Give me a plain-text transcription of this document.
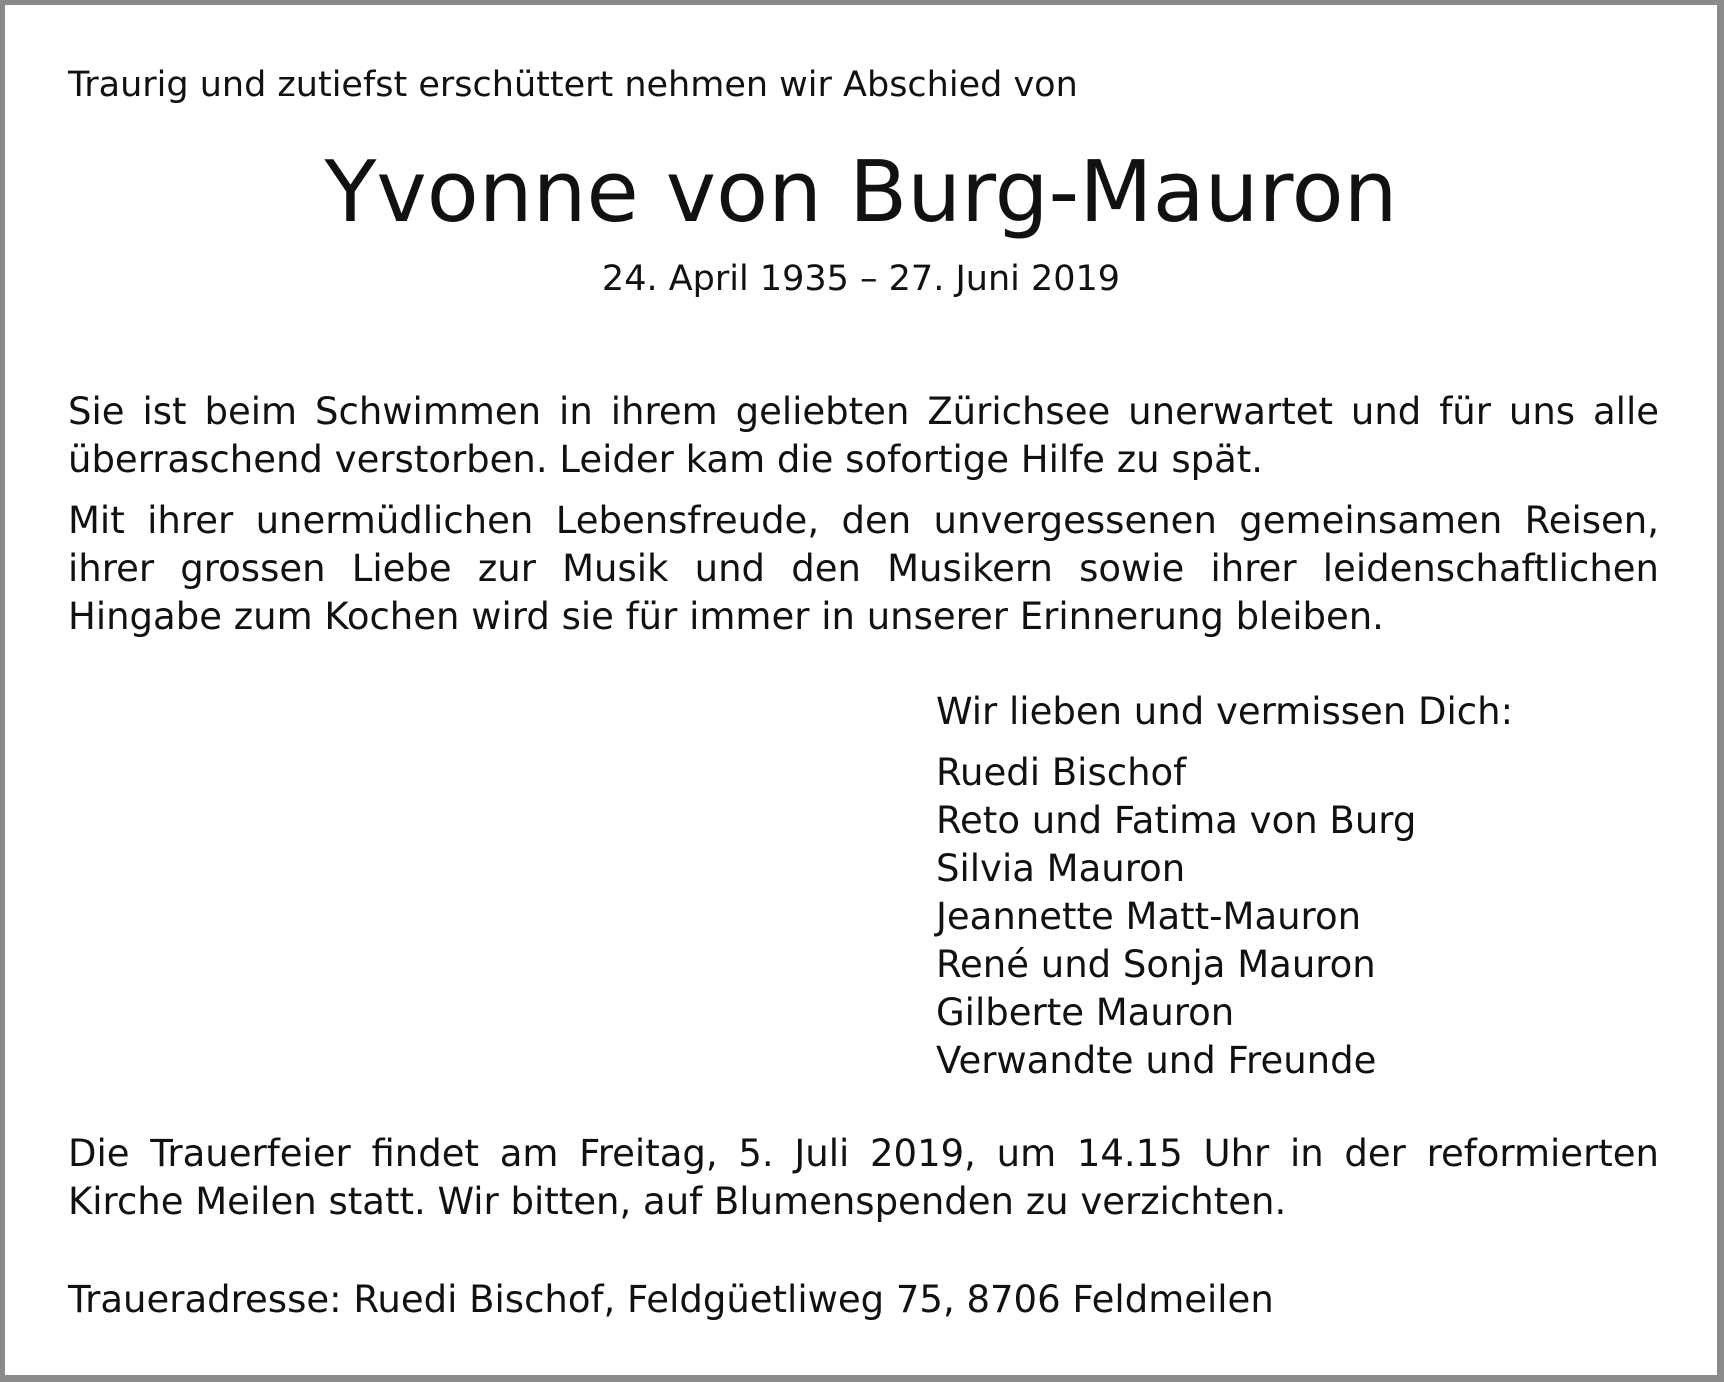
Traurig und zutiefst erschüttert nehmen wir Abschied von
Yvonne von Burg-Mauron
24. April 1935 – 27. Juni 2019

Sie ist beim Schwimmen in ihrem geliebten Zürichsee unerwartet und für uns alle überraschend verstorben. Leider kam die sofortige Hilfe zu spät.

Mit ihrer unermüdlichen Lebensfreude, den unvergessenen gemeinsamen Reisen, ihrer grossen Liebe zur Musik und den Musikern sowie ihrer leidenschaftlichen Hingabe zum Kochen wird sie für immer in unserer Erinnerung bleiben.

Wir lieben und vermissen Dich:
Ruedi Bischof
Reto und Fatima von Burg
Silvia Mauron
Jeannette Matt-Mauron
René und Sonja Mauron
Gilberte Mauron
Verwandte und Freunde

Die Trauerfeier findet am Freitag, 5. Juli 2019, um 14.15 Uhr in der reformierten Kirche Meilen statt. Wir bitten, auf Blumenspenden zu verzichten.

Traueradresse: Ruedi Bischof, Feldgüetliweg 75, 8706 Feldmeilen
